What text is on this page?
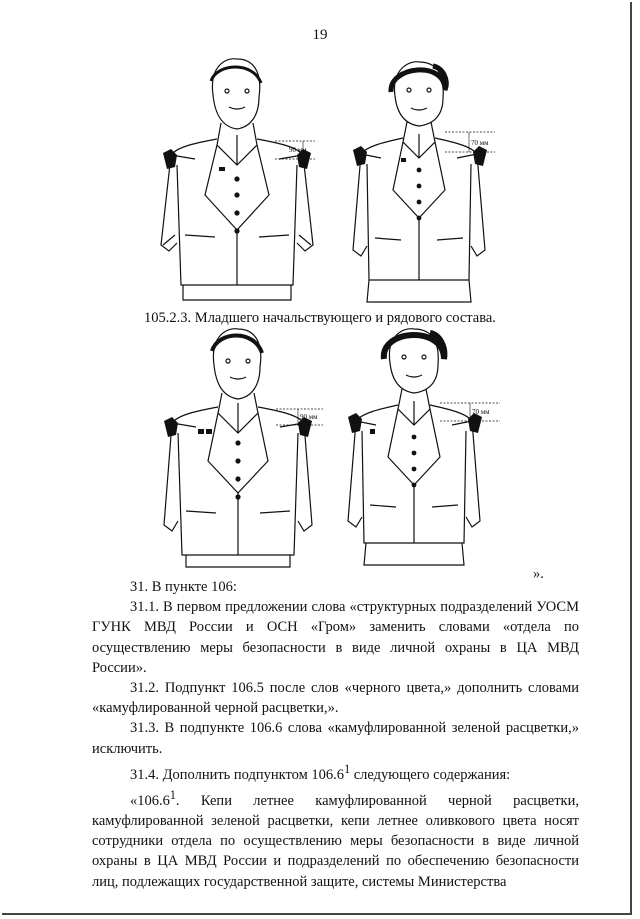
19
90 мм
70 мм
105.2.3. Младшего начальствующего и рядового состава.
90 мм
70 мм
».

31. В пункте 106:

31.1. В первом предложении слова «структурных подразделений УОСМ ГУНК МВД России и ОСН «Гром» заменить словами «отдела по осуществлению меры безопасности в виде личной охраны в ЦА МВД России».

31.2. Подпункт 106.5 после слов «черного цвета,» дополнить словами «камуфлированной черной расцветки,».

31.3. В подпункте 106.6 слова «камуфлированной зеленой расцветки,» исключить.

31.4. Дополнить подпунктом 106.6$^1$ следующего содержания:

«106.6$^1$. Кепи летнее камуфлированной черной расцветки, камуфлированной зеленой расцветки, кепи летнее оливкового цвета носят сотрудники отдела по осуществлению меры безопасности в виде личной охраны в ЦА МВД России и подразделений по обеспечению безопасности лиц, подлежащих государственной защите, системы Министерства
